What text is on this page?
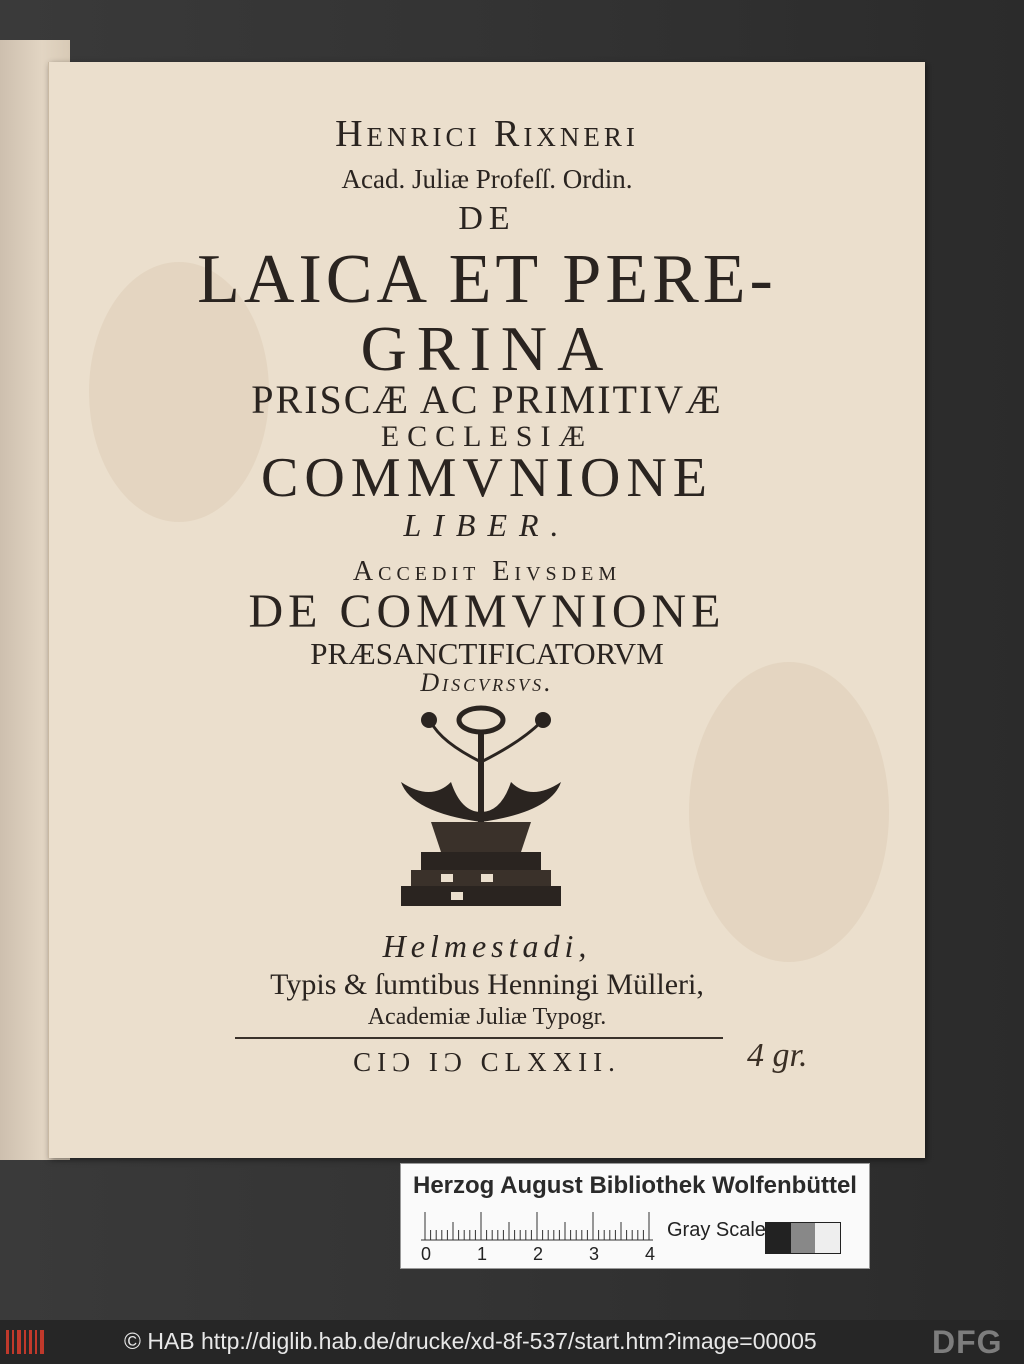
Henrici Rixneri
Acad. Juliæ Profeſſ. Ordin.
DE
LAICA ET PERE-
GRINA
PRISCÆ AC PRIMITIVÆ
ECCLESIÆ
COMMVNIONE
LIBER.
Accedit Eivsdem
DE COMMVNIONE
PRÆSANCTIFICATORVM
Discvrsvs.
Helmestadi,
Typis & ſumtibus Henningi Mülleri,
Academiæ Juliæ Typogr.
CIϽ IϽ CLXXII.	4 gr.
Herzog August Bibliothek Wolfenbüttel
0	1	2	3	4
Gray Scale
© HAB http://diglib.hab.de/drucke/xd-8f-537/start.htm?image=00005	DFG
